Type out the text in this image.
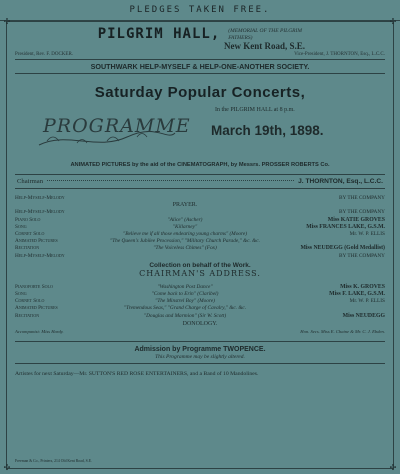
PLEDGES TAKEN FREE.
✣	✣
✣	✣
PILGRIM HALL, (MEMORIAL OF THE PILGRIM FATHERS)
New Kent Road, S.E.
President, Rev. F. DOCKER.	Vice-President, J. THORNTON, Esq., L.C.C.
SOUTHWARK HELP-MYSELF & HELP-ONE-ANOTHER SOCIETY.
Saturday Popular Concerts,
PROGRAMME
In the PILGRIM HALL at 8 p.m.
March 19th, 1898.
ANIMATED PICTURES by the aid of the CINEMATOGRAPH, by Messrs. PROSSER ROBERTS Co.
Chairman	J. THORNTON, Esq., L.C.C.
Help-Myself-Melody	BY THE COMPANY
PRAYER.
Help-Myself-Melody	BY THE COMPANY
Piano Solo	"Alice" (Ascher)	Miss KATIE GROVES
Song	"Killarney"	Miss FRANCES LAKE, G.S.M.
Cornet Solo	"Believe me if all those endearing young charms" (Moore)	Mr. W. P. ELLIS
Animated Pictures	"The Queen's Jubilee Procession," "Military Church Parade," &c. &c.
Recitation	"The Voiceless Chimes" (Fox)	Miss NEUDEGG (Gold Medallist)
Help-Myself-Melody	BY THE COMPANY
Collection on behalf of the Work.
CHAIRMAN'S ADDRESS.
Pianoforte Solo	"Washington Post Dance"	Miss K. GROVES
Song	"Come back to Erin" (Claribel)	Miss F. LAKE, G.S.M.
Cornet Solo	"The Minstrel Boy" (Moore)	Mr. W. P. ELLIS
Animated Pictures	"Tremendous Seas," "Grand Charge of Cavalry," &c. &c.
Recitation	"Douglas and Marmion" (Sir W. Scott)	Miss NEUDEGG
DONOLOGY.
Accompanist: Miss Hardy.	Hon. Secs. Miss E. Chaine & Mr. C. J. Ebden.
Admission by Programme TWOPENCE.
This Programme may be slightly altered.
Artistes for next Saturday—Mr. SUTTON'S RED ROSE ENTERTAINERS, and a Band of 10 Mandolines.
Freeman & Co., Printers, 214 Old Kent Road, S.E.
